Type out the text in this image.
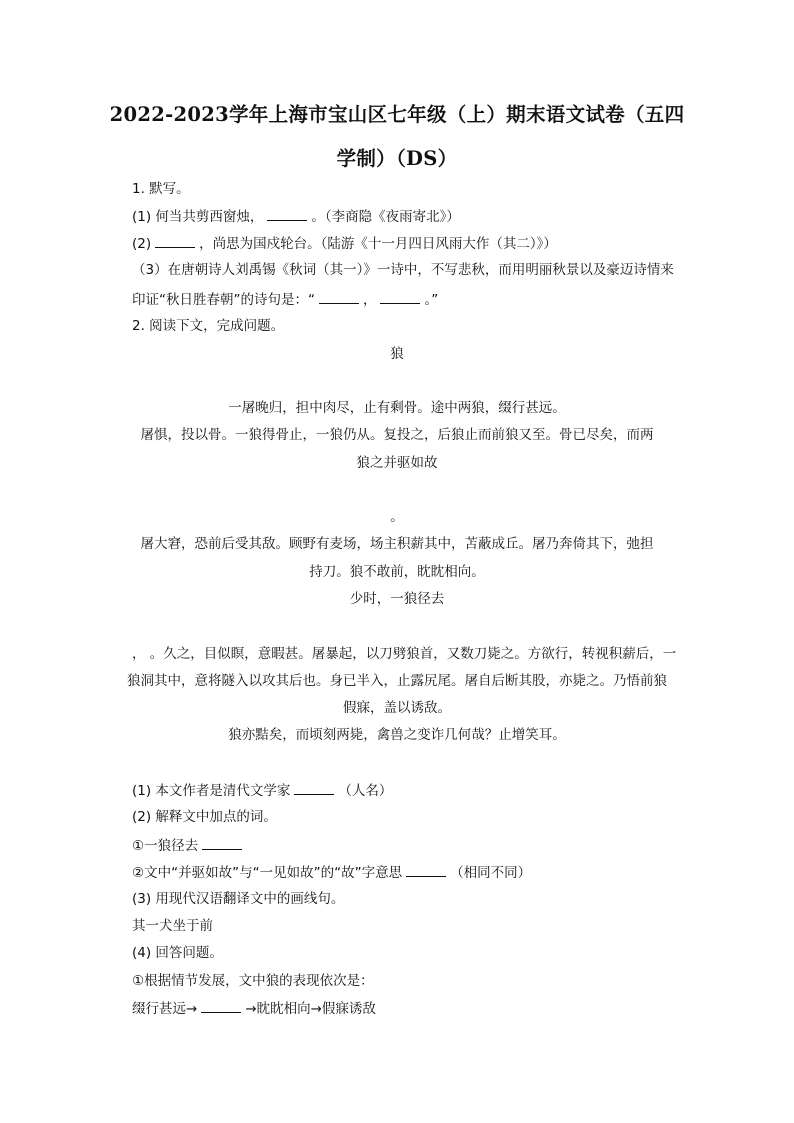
2022-2023学年上海市宝山区七年级（上）期末语文试卷（五四
学制）（DS）
1. 默写。
(1) 何当共剪西窗烛，	。（李商隐《夜雨寄北》）
(2)	，尚思为国戍轮台。（陆游《十一月四日风雨大作（其二）》）
（3）在唐朝诗人刘禹锡《秋词（其一）》一诗中，不写悲秋，而用明丽秋景以及豪迈诗情来
印证“秋日胜春朝”的诗句是：“	，	。”
2. 阅读下文，完成问题。
狼
一屠晚归，担中肉尽，止有剩骨。途中两狼，缀行甚远。
屠惧，投以骨。一狼得骨止，一狼仍从。复投之，后狼止而前狼又至。骨已尽矣，而两
狼之并驱如故
。
屠大窘，恐前后受其敌。顾野有麦场，场主积薪其中，苫蔽成丘。屠乃奔倚其下，弛担
持刀。狼不敢前，眈眈相向。
少时，一狼径去
， 。久之，目似瞑，意暇甚。屠暴起，以刀劈狼首，又数刀毙之。方欲行，转视积薪后，一
狼洞其中，意将隧入以攻其后也。身已半入，止露尻尾。屠自后断其股，亦毙之。乃悟前狼
假寐，盖以诱敌。
狼亦黠矣，而顷刻两毙，禽兽之变诈几何哉？止增笑耳。
(1) 本文作者是清代文学家	（人名）
(2) 解释文中加点的词。
①一狼径去
②文中“并驱如故”与“一见如故”的“故”字意思	（相同不同）
(3) 用现代汉语翻译文中的画线句。
其一犬坐于前
(4) 回答问题。
①根据情节发展，文中狼的表现依次是：
缀行甚远→	→眈眈相向→假寐诱敌
